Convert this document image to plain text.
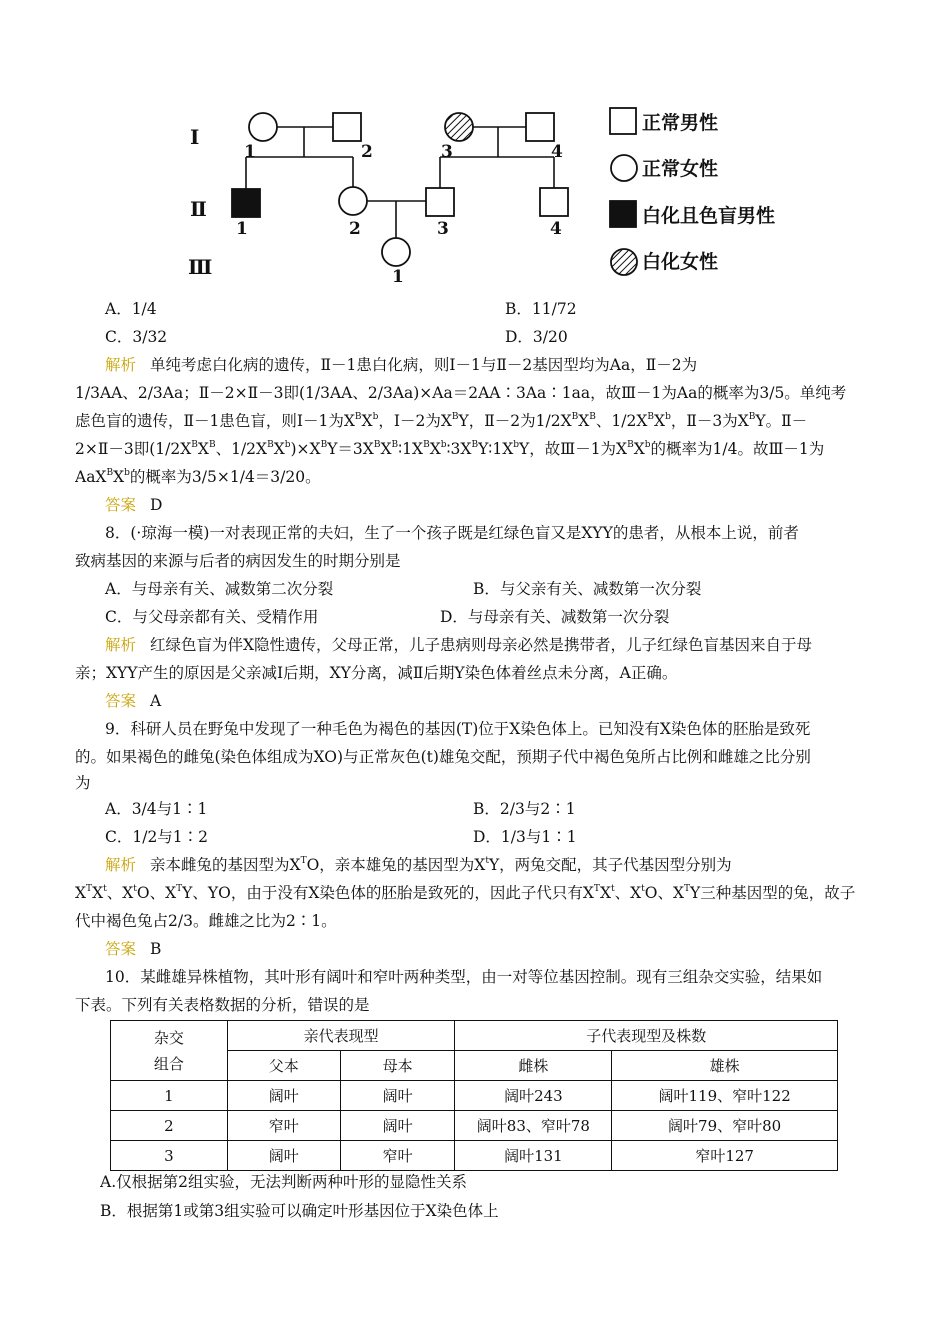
Ⅰ
Ⅱ
Ⅲ
1	2	3	4
1	2	3	4
1
正常男性
正常女性
白化且色盲男性
白化女性
A．1/4	B．11/72
C．3/32	D．3/20
解析 单纯考虑白化病的遗传，Ⅱ－1患白化病，则Ⅰ－1与Ⅱ－2基因型均为Aa，Ⅱ－2为
1/3AA、2/3Aa；Ⅱ－2×Ⅱ－3即(1/3AA、2/3Aa)×Aa＝2AA∶3Aa∶1aa，故Ⅲ－1为Aa的概率为3/5。单纯考
虑色盲的遗传，Ⅱ－1患色盲，则Ⅰ－1为$X^BX^b$，Ⅰ－2为$X^BY$，Ⅱ－2为$1/2X^BX^B$、$1/2X^BX^b$，Ⅱ－3为$X^BY$。Ⅱ－
2×Ⅱ－3即($1/2X^BX^B$、$1/2X^BX^b)\times X^BY=3X^BX^B∶1X^BX^b∶3X^BY∶1X^bY$，故Ⅲ－1为$X^BX^b$的概率为1/4。故Ⅲ－1为
$AaX^BX^b$的概率为3/5×1/4＝3/20。
答案 D
8．(·琼海一模)一对表现正常的夫妇，生了一个孩子既是红绿色盲又是XYY的患者，从根本上说，前者
致病基因的来源与后者的病因发生的时期分别是
A．与母亲有关、减数第二次分裂	B．与父亲有关、减数第一次分裂
C．与父母亲都有关、受精作用	D．与母亲有关、减数第一次分裂
解析 红绿色盲为伴X隐性遗传，父母正常，儿子患病则母亲必然是携带者，儿子红绿色盲基因来自于母
亲；XYY产生的原因是父亲减Ⅰ后期，XY分离，减Ⅱ后期Y染色体着丝点未分离，A正确。
答案 A
9．科研人员在野兔中发现了一种毛色为褐色的基因(T)位于X染色体上。已知没有X染色体的胚胎是致死
的。如果褐色的雌兔(染色体组成为XO)与正常灰色(t)雄兔交配，预期子代中褐色兔所占比例和雌雄之比分别
为
A．3/4与1∶1	B．2/3与2∶1
C．1/2与1∶2	D．1/3与1∶1
解析 亲本雌兔的基因型为$X^TO$，亲本雄兔的基因型为$X^tY$，两兔交配，其子代基因型分别为
$X^TX^t$、$X^tO$、$X^TY$、YO，由于没有X染色体的胚胎是致死的，因此子代只有$X^TX^t$、$X^tO$、$X^TY$三种基因型的兔，故子
代中褐色兔占2/3。雌雄之比为2∶1。
答案 B
10．某雌雄异株植物，其叶形有阔叶和窄叶两种类型，由一对等位基因控制。现有三组杂交实验，结果如
下表。下列有关表格数据的分析，错误的是
杂交
组合	亲代表现型		子代表现型及株数	
	父本	母本	雌株	雄株
1	阔叶	阔叶	阔叶243	阔叶119、窄叶122
2	窄叶	阔叶	阔叶83、窄叶78	阔叶79、窄叶80
3	阔叶	窄叶	阔叶131	窄叶127
A.仅根据第2组实验，无法判断两种叶形的显隐性关系
B．根据第1或第3组实验可以确定叶形基因位于X染色体上
